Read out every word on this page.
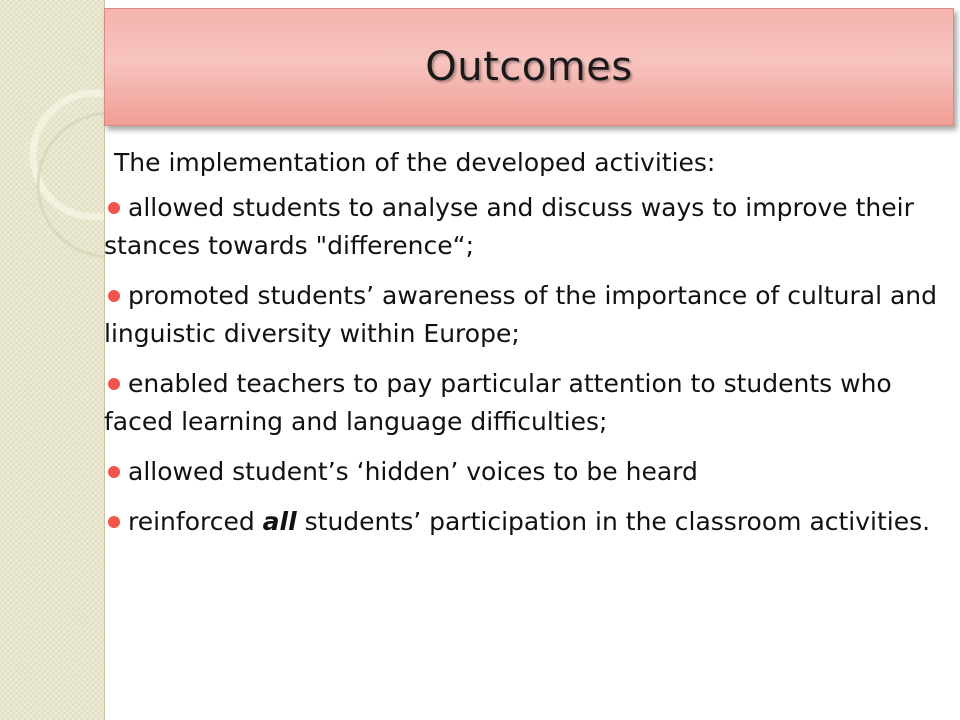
Outcomes
The implementation of the developed activities:
allowed students to analyse and discuss ways to improve their stances towards "difference“;
promoted students’ awareness of the importance of cultural and linguistic diversity within Europe;
enabled teachers to pay particular attention to students who faced learning and language difficulties;
allowed student’s ‘hidden’ voices to be heard
reinforced all students’ participation in the classroom activities.
